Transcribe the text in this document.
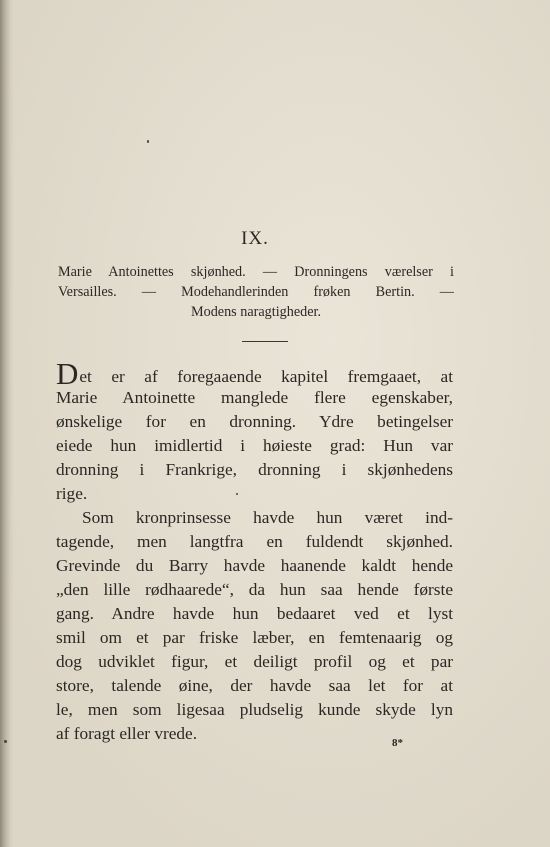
IX.
Marie Antoinettes skjønhed. — Dronningens værelser i
Versailles. — Modehandlerinden frøken Bertin. —
Modens naragtigheder.
Det er af foregaaende kapitel fremgaaet, at
Marie Antoinette manglede flere egenskaber,
ønskelige for en dronning. Ydre betingelser
eiede hun imidlertid i høieste grad: Hun var
dronning i Frankrige, dronning i skjønhedens
rige.
Som kronprinsesse havde hun været ind-
tagende, men langtfra en fuldendt skjønhed.
Grevinde du Barry havde haanende kaldt hende
„den lille rødhaarede“, da hun saa hende første
gang. Andre havde hun bedaaret ved et lyst
smil om et par friske læber, en femtenaarig og
dog udviklet figur, et deiligt profil og et par
store, talende øine, der havde saa let for at
le, men som ligesaa pludselig kunde skyde lyn
af foragt eller vrede.	8*
